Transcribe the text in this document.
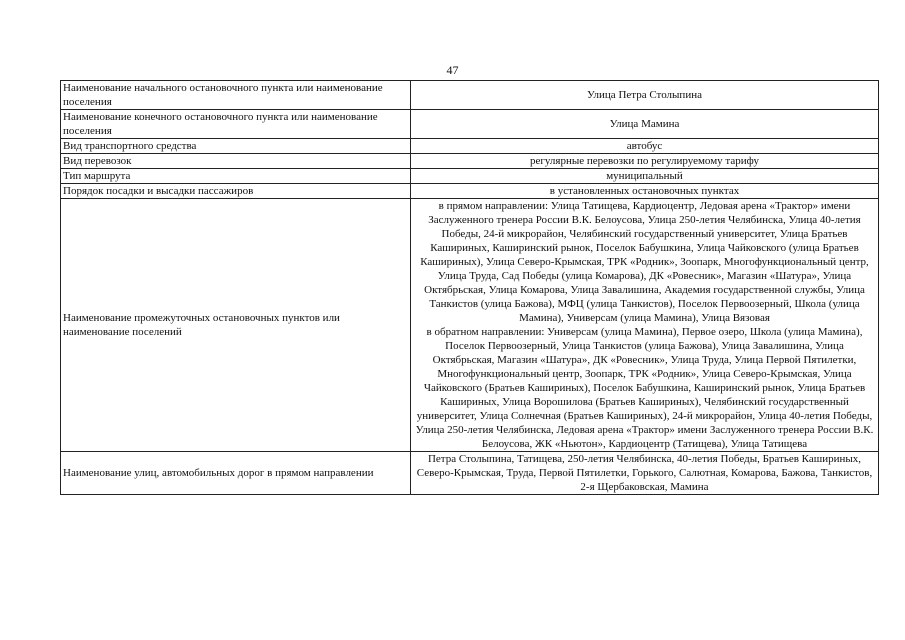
47
Наименование начального остановочного пункта или наименование поселения	Улица Петра Столыпина
Наименование конечного остановочного пункта или наименование поселения	Улица Мамина
Вид транспортного средства	автобус
Вид перевозок	регулярные перевозки по регулируемому тарифу
Тип маршрута	муниципальный
Порядок посадки и высадки пассажиров	в установленных остановочных пунктах
Наименование промежуточных остановочных пунктов или наименование поселений	в прямом направлении: Улица Татищева, Кардиоцентр, Ледовая арена «Трактор» имени Заслуженного тренера России В.К. Белоусова, Улица 250-летия Челябинска, Улица 40-летия Победы, 24-й микрорайон, Челябинский государственный университет, Улица Братьев Кашириных, Каширинский рынок, Поселок Бабушкина, Улица Чайковского (улица Братьев Кашириных), Улица Северо-Крымская, ТРК «Родник», Зоопарк, Многофункциональный центр, Улица Труда, Сад Победы (улица Комарова), ДК «Ровесник», Магазин «Шатура», Улица Октябрьская, Улица Комарова, Улица Завалишина, Академия государственной службы, Улица Танкистов (улица Бажова), МФЦ (улица Танкистов), Поселок Первоозерный, Школа (улица Мамина), Универсам (улица Мамина), Улица Вязовая
в обратном направлении: Универсам (улица Мамина), Первое озеро, Школа (улица Мамина), Поселок Первоозерный, Улица Танкистов (улица Бажова), Улица Завалишина, Улица Октябрьская, Магазин «Шатура», ДК «Ровесник», Улица Труда, Улица Первой Пятилетки, Многофункциональный центр, Зоопарк, ТРК «Родник», Улица Северо-Крымская, Улица Чайковского (Братьев Кашириных), Поселок Бабушкина, Каширинский рынок, Улица Братьев Кашириных, Улица Ворошилова (Братьев Кашириных), Челябинский государственный университет, Улица Солнечная (Братьев Кашириных), 24-й микрорайон, Улица 40-летия Победы, Улица 250-летия Челябинска, Ледовая арена «Трактор» имени Заслуженного тренера России В.К. Белоусова, ЖК «Ньютон», Кардиоцентр (Татищева), Улица Татищева

Наименование улиц, автомобильных дорог в прямом направлении	Петра Столыпина, Татищева, 250-летия Челябинска, 40-летия Победы, Братьев Кашириных, Северо-Крымская, Труда, Первой Пятилетки, Горького, Салютная, Комарова, Бажова, Танкистов, 2-я Щербаковская, Мамина
